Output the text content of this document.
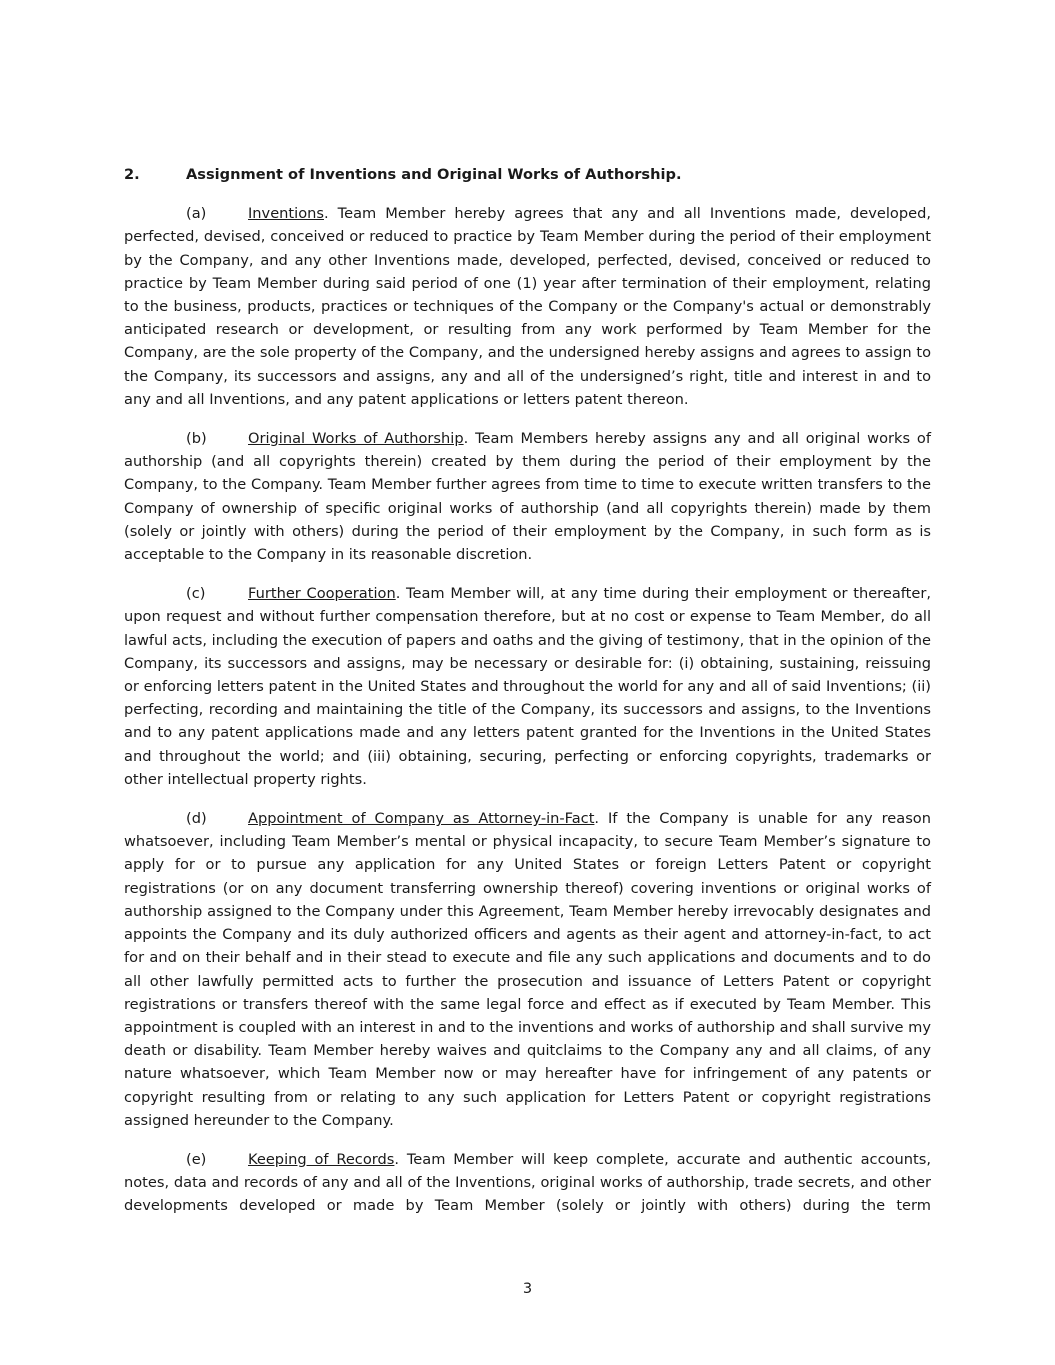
2.	Assignment of Inventions and Original Works of Authorship.

(a)	Inventions. Team Member hereby agrees that any and all Inventions made, developed, perfected, devised, conceived or reduced to practice by Team Member during the period of their employment by the Company, and any other Inventions made, developed, perfected, devised, conceived or reduced to practice by Team Member during said period of one (1) year after termination of their employment, relating to the business, products, practices or techniques of the Company or the Company's actual or demonstrably anticipated research or development, or resulting from any work performed by Team Member for the Company, are the sole property of the Company, and the undersigned hereby assigns and agrees to assign to the Company, its successors and assigns, any and all of the undersigned’s right, title and interest in and to any and all Inventions, and any patent applications or letters patent thereon.

(b)	Original Works of Authorship. Team Members hereby assigns any and all original works of authorship (and all copyrights therein) created by them during the period of their employment by the Company, to the Company. Team Member further agrees from time to time to execute written transfers to the Company of ownership of specific original works of authorship (and all copyrights therein) made by them (solely or jointly with others) during the period of their employment by the Company, in such form as is acceptable to the Company in its reasonable discretion.

(c)	Further Cooperation. Team Member will, at any time during their employment or thereafter, upon request and without further compensation therefore, but at no cost or expense to Team Member, do all lawful acts, including the execution of papers and oaths and the giving of testimony, that in the opinion of the Company, its successors and assigns, may be necessary or desirable for: (i) obtaining, sustaining, reissuing or enforcing letters patent in the United States and throughout the world for any and all of said Inventions; (ii) perfecting, recording and maintaining the title of the Company, its successors and assigns, to the Inventions and to any patent applications made and any letters patent granted for the Inventions in the United States and throughout the world; and (iii) obtaining, securing, perfecting or enforcing copyrights, trademarks or other intellectual property rights.

(d)	Appointment of Company as Attorney-in-Fact. If the Company is unable for any reason whatsoever, including Team Member’s mental or physical incapacity, to secure Team Member’s signature to apply for or to pursue any application for any United States or foreign Letters Patent or copyright registrations (or on any document transferring ownership thereof) covering inventions or original works of authorship assigned to the Company under this Agreement, Team Member hereby irrevocably designates and appoints the Company and its duly authorized officers and agents as their agent and attorney-in-fact, to act for and on their behalf and in their stead to execute and file any such applications and documents and to do all other lawfully permitted acts to further the prosecution and issuance of Letters Patent or copyright registrations or transfers thereof with the same legal force and effect as if executed by Team Member. This appointment is coupled with an interest in and to the inventions and works of authorship and shall survive my death or disability. Team Member hereby waives and quitclaims to the Company any and all claims, of any nature whatsoever, which Team Member now or may hereafter have for infringement of any patents or copyright resulting from or relating to any such application for Letters Patent or copyright registrations assigned hereunder to the Company.

(e)	Keeping of Records. Team Member will keep complete, accurate and authentic accounts, notes, data and records of any and all of the Inventions, original works of authorship, trade secrets, and other developments developed or made by Team Member (solely or jointly with others) during the term

3
